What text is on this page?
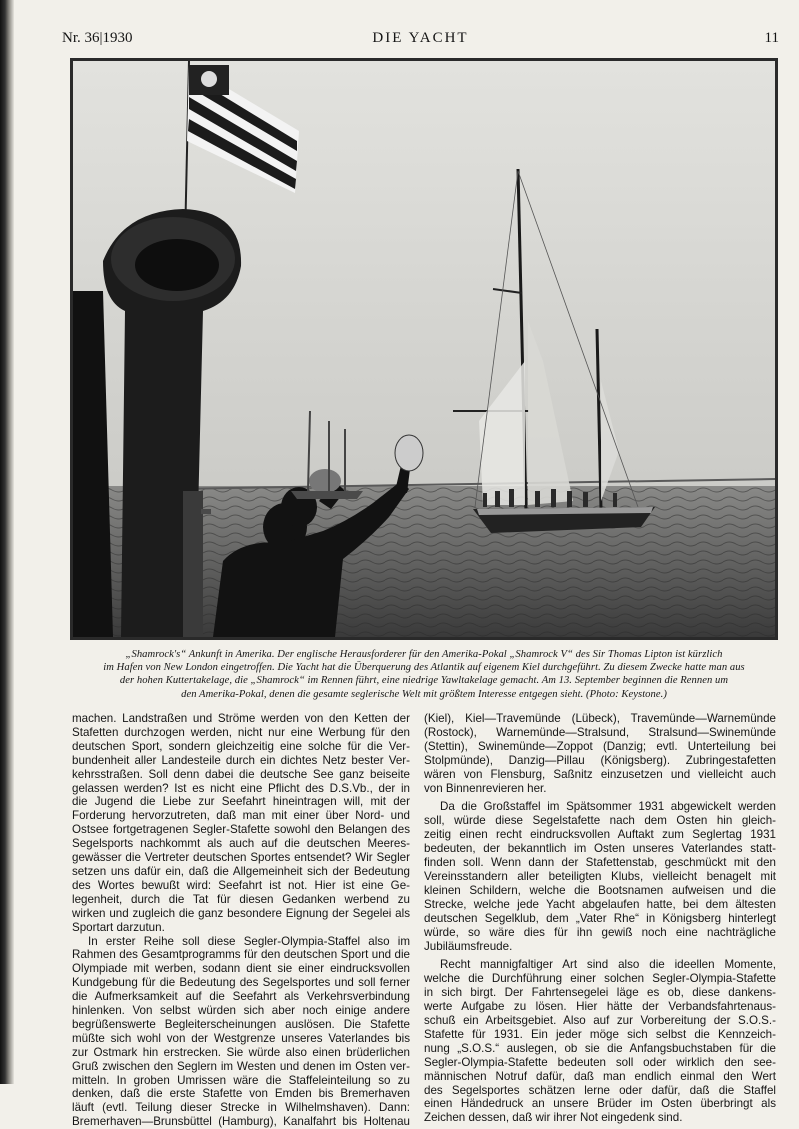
Nr. 36|1930	DIE YACHT	11
„Shamrock's“ Ankunft in Amerika. Der englische Herausforderer für den Amerika-Pokal „Shamrock V“ des Sir Thomas Lipton ist kürzlich
im Hafen von New London eingetroffen. Die Yacht hat die Überquerung des Atlantik auf eigenem Kiel durchgeführt. Zu diesem Zwecke hatte man aus
der hohen Kuttertakelage, die „Shamrock“ im Rennen führt, eine niedrige Yawltakelage gemacht. Am 13. September beginnen die Rennen um
den Amerika-Pokal, denen die gesamte seglerische Welt mit größtem Interesse entgegen sieht. (Photo: Keystone.)
machen. Landstraßen und Ströme werden von den Ketten der
Stafetten durchzogen werden, nicht nur eine Werbung für den
deutschen Sport, sondern gleichzeitig eine solche für die Ver-
bundenheit aller Landesteile durch ein dichtes Netz bester Ver-
kehrsstraßen. Soll denn dabei die deutsche See ganz beiseite
gelassen werden? Ist es nicht eine Pflicht des D.S.Vb., der in
die Jugend die Liebe zur Seefahrt hineintragen will, mit der
Forderung hervorzutreten, daß man mit einer über Nord- und
Ostsee fortgetragenen Segler-Stafette sowohl den Belangen des
Segelsports nachkommt als auch auf die deutschen Meeres-
gewässer die Vertreter deutschen Sportes entsendet? Wir Segler
setzen uns dafür ein, daß die Allgemeinheit sich der Bedeutung
des Wortes bewußt wird: Seefahrt ist not. Hier ist eine Ge-
legenheit, durch die Tat für diesen Gedanken werbend zu
wirken und zugleich die ganz besondere Eignung der Segelei als
Sportart darzutun.
In erster Reihe soll diese Segler-Olympia-Staffel also im
Rahmen des Gesamtprogramms für den deutschen Sport und die
Olympiade mit werben, sodann dient sie einer eindrucksvollen
Kundgebung für die Bedeutung des Segelsportes und soll ferner
die Aufmerksamkeit auf die Seefahrt als Verkehrsverbindung
hinlenken. Von selbst würden sich aber noch einige andere
begrüßenswerte Begleiterscheinungen auslösen. Die Stafette
müßte sich wohl von der Westgrenze unseres Vaterlandes bis
zur Ostmark hin erstrecken. Sie würde also einen brüderlichen
Gruß zwischen den Seglern im Westen und denen im Osten ver-
mitteln. In groben Umrissen wäre die Staffeleinteilung so zu
denken, daß die erste Stafette von Emden bis Bremerhaven
läuft (evtl. Teilung dieser Strecke in Wilhelmshaven). Dann:
Bremerhaven—Brunsbüttel (Hamburg), Kanalfahrt bis Holtenau
(Kiel), Kiel—Travemünde (Lübeck), Travemünde—Warnemünde
(Rostock), Warnemünde—Stralsund, Stralsund—Swinemünde
(Stettin), Swinemünde—Zoppot (Danzig; evtl. Unterteilung bei
Stolpmünde), Danzig—Pillau (Königsberg). Zubringestafetten
wären von Flensburg, Saßnitz einzusetzen und vielleicht auch
von Binnenrevieren her.
Da die Großstaffel im Spätsommer 1931 abgewickelt werden
soll, würde diese Segelstafette nach dem Osten hin gleich-
zeitig einen recht eindrucksvollen Auftakt zum Seglertag 1931
bedeuten, der bekanntlich im Osten unseres Vaterlandes statt-
finden soll. Wenn dann der Stafettenstab, geschmückt mit den
Vereinsstandern aller beteiligten Klubs, vielleicht benagelt mit
kleinen Schildern, welche die Bootsnamen aufweisen und die
Strecke, welche jede Yacht abgelaufen hatte, bei dem ältesten
deutschen Segelklub, dem „Vater Rhe“ in Königsberg hinterlegt
würde, so wäre dies für ihn gewiß noch eine nachträgliche
Jubiläumsfreude.
Recht mannigfaltiger Art sind also die ideellen Momente,
welche die Durchführung einer solchen Segler-Olympia-Stafette
in sich birgt. Der Fahrtensegelei läge es ob, diese dankens-
werte Aufgabe zu lösen. Hier hätte der Verbandsfahrtenaus-
schuß ein Arbeitsgebiet. Also auf zur Vorbereitung der S.O.S.-
Stafette für 1931. Ein jeder möge sich selbst die Kennzeich-
nung „S.O.S.“ auslegen, ob sie die Anfangsbuchstaben für die
Segler-Olympia-Stafette bedeuten soll oder wirklich den see-
männischen Notruf dafür, daß man endlich einmal den Wert
des Segelsportes schätzen lerne oder dafür, daß die Staffel
einen Händedruck an unsere Brüder im Osten überbringt als
Zeichen dessen, daß wir ihrer Not eingedenk sind.
